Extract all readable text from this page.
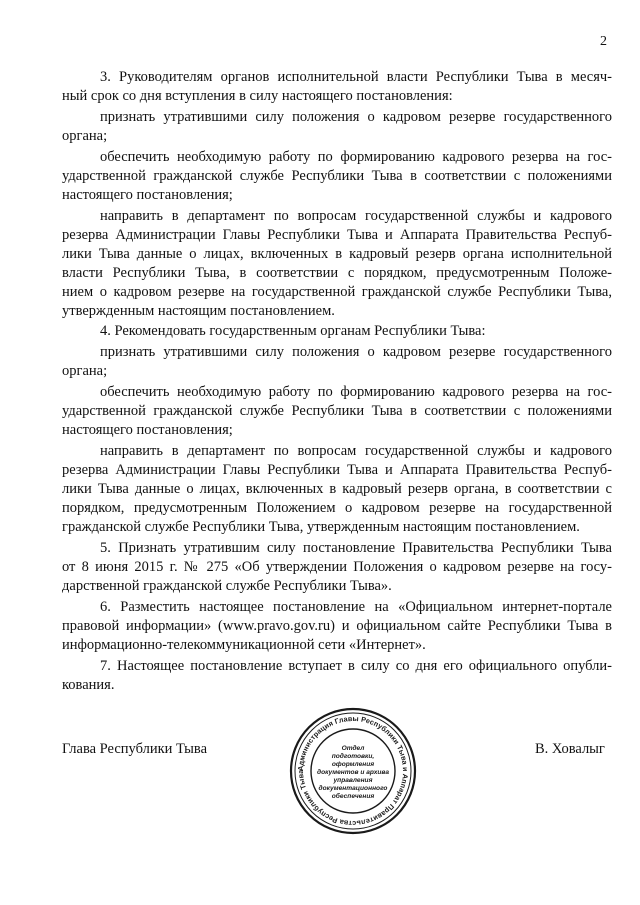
2
3. Руководителям органов исполнительной власти Республики Тыва в месяч-
ный срок со дня вступления в силу настоящего постановления:
признать утратившими силу положения о кадровом резерве государственного
органа;
обеспечить необходимую работу по формированию кадрового резерва на гос-
ударственной гражданской службе Республики Тыва в соответствии с положениями
настоящего постановления;
направить в департамент по вопросам государственной службы и кадрового
резерва Администрации Главы Республики Тыва и Аппарата Правительства Респуб-
лики Тыва данные о лицах, включенных в кадровый резерв органа исполнительной
власти Республики Тыва, в соответствии с порядком, предусмотренным Положе-
нием о кадровом резерве на государственной гражданской службе Республики Тыва,
утвержденным настоящим постановлением.
4. Рекомендовать государственным органам Республики Тыва:
признать утратившими силу положения о кадровом резерве государственного
органа;
обеспечить необходимую работу по формированию кадрового резерва на гос-
ударственной гражданской службе Республики Тыва в соответствии с положениями
настоящего постановления;
направить в департамент по вопросам государственной службы и кадрового
резерва Администрации Главы Республики Тыва и Аппарата Правительства Респуб-
лики Тыва данные о лицах, включенных в кадровый резерв органа, в соответствии с
порядком, предусмотренным Положением о кадровом резерве на государственной
гражданской службе Республики Тыва, утвержденным настоящим постановлением.
5. Признать утратившим силу постановление Правительства Республики Тыва
от 8 июня 2015 г. № 275 «Об утверждении Положения о кадровом резерве на госу-
дарственной гражданской службе Республики Тыва».
6. Разместить настоящее постановление на «Официальном интернет-портале
правовой информации» (www.pravo.gov.ru) и официальном сайте Республики Тыва в
информационно-телекоммуникационной сети «Интернет».
7. Настоящее постановление вступает в силу со дня его официального опубли-
кования.
Глава Республики Тыва	В. Ховалыг
Администрация Главы Республики Тыва и Аппарат Правительства Республики Тыва
Отдел
подготовки,
оформления
документов и архива
управления
документационного
обеспечения
